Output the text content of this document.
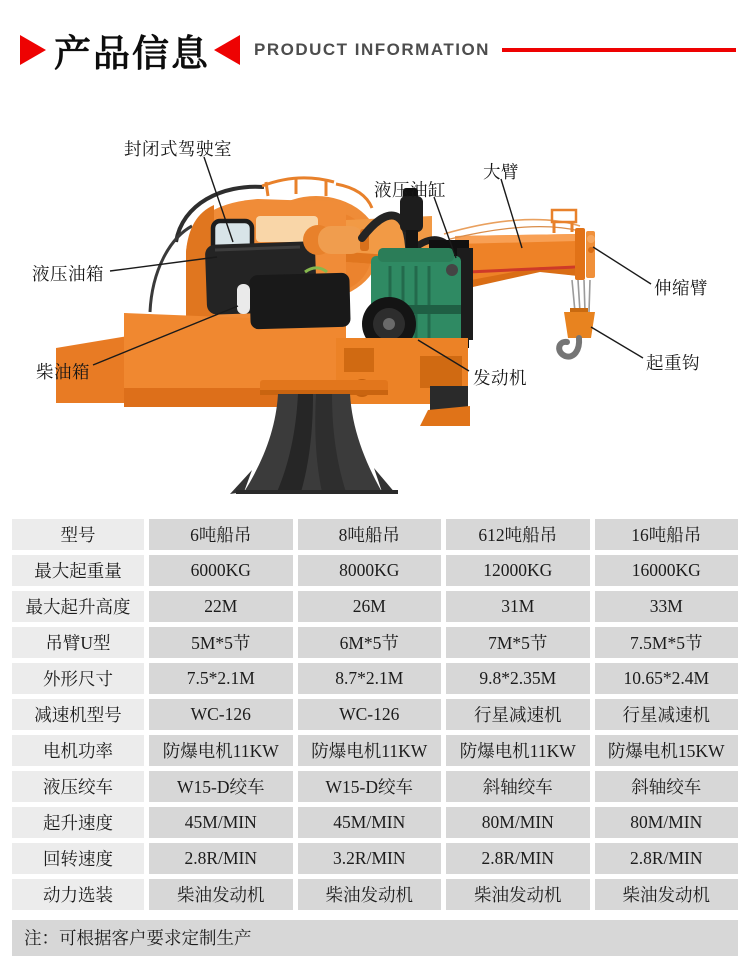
产品信息	PRODUCT INFORMATION
封闭式驾驶室
液压油缸
大臂
液压油箱
柴油箱
伸缩臂
起重钩
发动机
型号	6吨船吊	8吨船吊	612吨船吊	16吨船吊
最大起重量	6000KG	8000KG	12000KG	16000KG
最大起升高度	22M	26M	31M	33M
吊臂U型	5M*5节	6M*5节	7M*5节	7.5M*5节
外形尺寸	7.5*2.1M	8.7*2.1M	9.8*2.35M	10.65*2.4M
减速机型号	WC-126	WC-126	行星减速机	行星减速机
电机功率	防爆电机11KW	防爆电机11KW	防爆电机11KW	防爆电机15KW
液压绞车	W15-D绞车	W15-D绞车	斜轴绞车	斜轴绞车
起升速度	45M/MIN	45M/MIN	80M/MIN	80M/MIN
回转速度	2.8R/MIN	3.2R/MIN	2.8R/MIN	2.8R/MIN
动力选装	柴油发动机	柴油发动机	柴油发动机	柴油发动机
注：可根据客户要求定制生产
